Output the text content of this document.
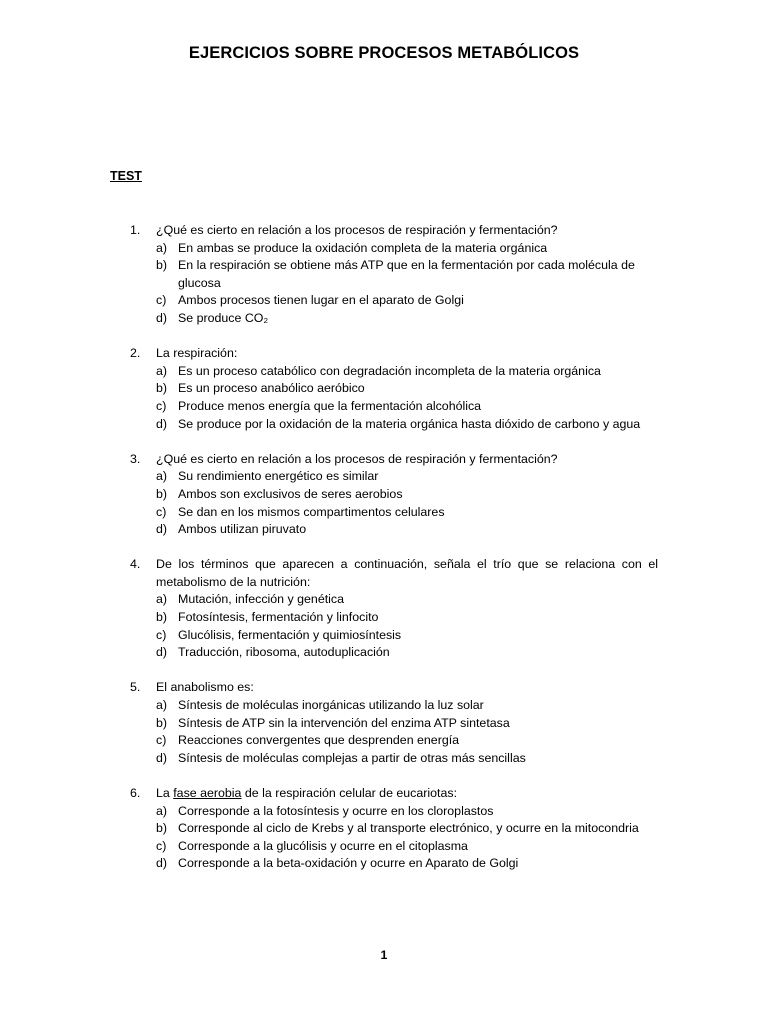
EJERCICIOS SOBRE PROCESOS METABÓLICOS
TEST
1. ¿Qué es cierto en relación a los procesos de respiración y fermentación?
a) En ambas se produce la oxidación completa de la materia orgánica
b) En la respiración se obtiene más ATP que en la fermentación por cada molécula de glucosa
c) Ambos procesos tienen lugar en el aparato de Golgi
d) Se produce CO₂
2. La respiración:
a) Es un proceso catabólico con degradación incompleta de la materia orgánica
b) Es un proceso anabólico aeróbico
c) Produce menos energía que la fermentación alcohólica
d) Se produce por la oxidación de la materia orgánica hasta dióxido de carbono y agua
3. ¿Qué es cierto en relación a los procesos de respiración y fermentación?
a) Su rendimiento energético es similar
b) Ambos son exclusivos de seres aerobios
c) Se dan en los mismos compartimentos celulares
d) Ambos utilizan piruvato
4. De los términos que aparecen a continuación, señala el trío que se relaciona con el metabolismo de la nutrición:
a) Mutación, infección y genética
b) Fotosíntesis, fermentación y linfocito
c) Glucólisis, fermentación y quimiosíntesis
d) Traducción, ribosoma, autoduplicación
5. El anabolismo es:
a) Síntesis de moléculas inorgánicas utilizando la luz solar
b) Síntesis de ATP sin la intervención del enzima ATP sintetasa
c) Reacciones convergentes que desprenden energía
d) Síntesis de moléculas complejas a partir de otras más sencillas
6. La fase aerobia de la respiración celular de eucariotas:
a) Corresponde a la fotosíntesis y ocurre en los cloroplastos
b) Corresponde al ciclo de Krebs y al transporte electrónico, y ocurre en la mitocondria
c) Corresponde a la glucólisis y ocurre en el citoplasma
d) Corresponde a la beta-oxidación y ocurre en Aparato de Golgi
1
